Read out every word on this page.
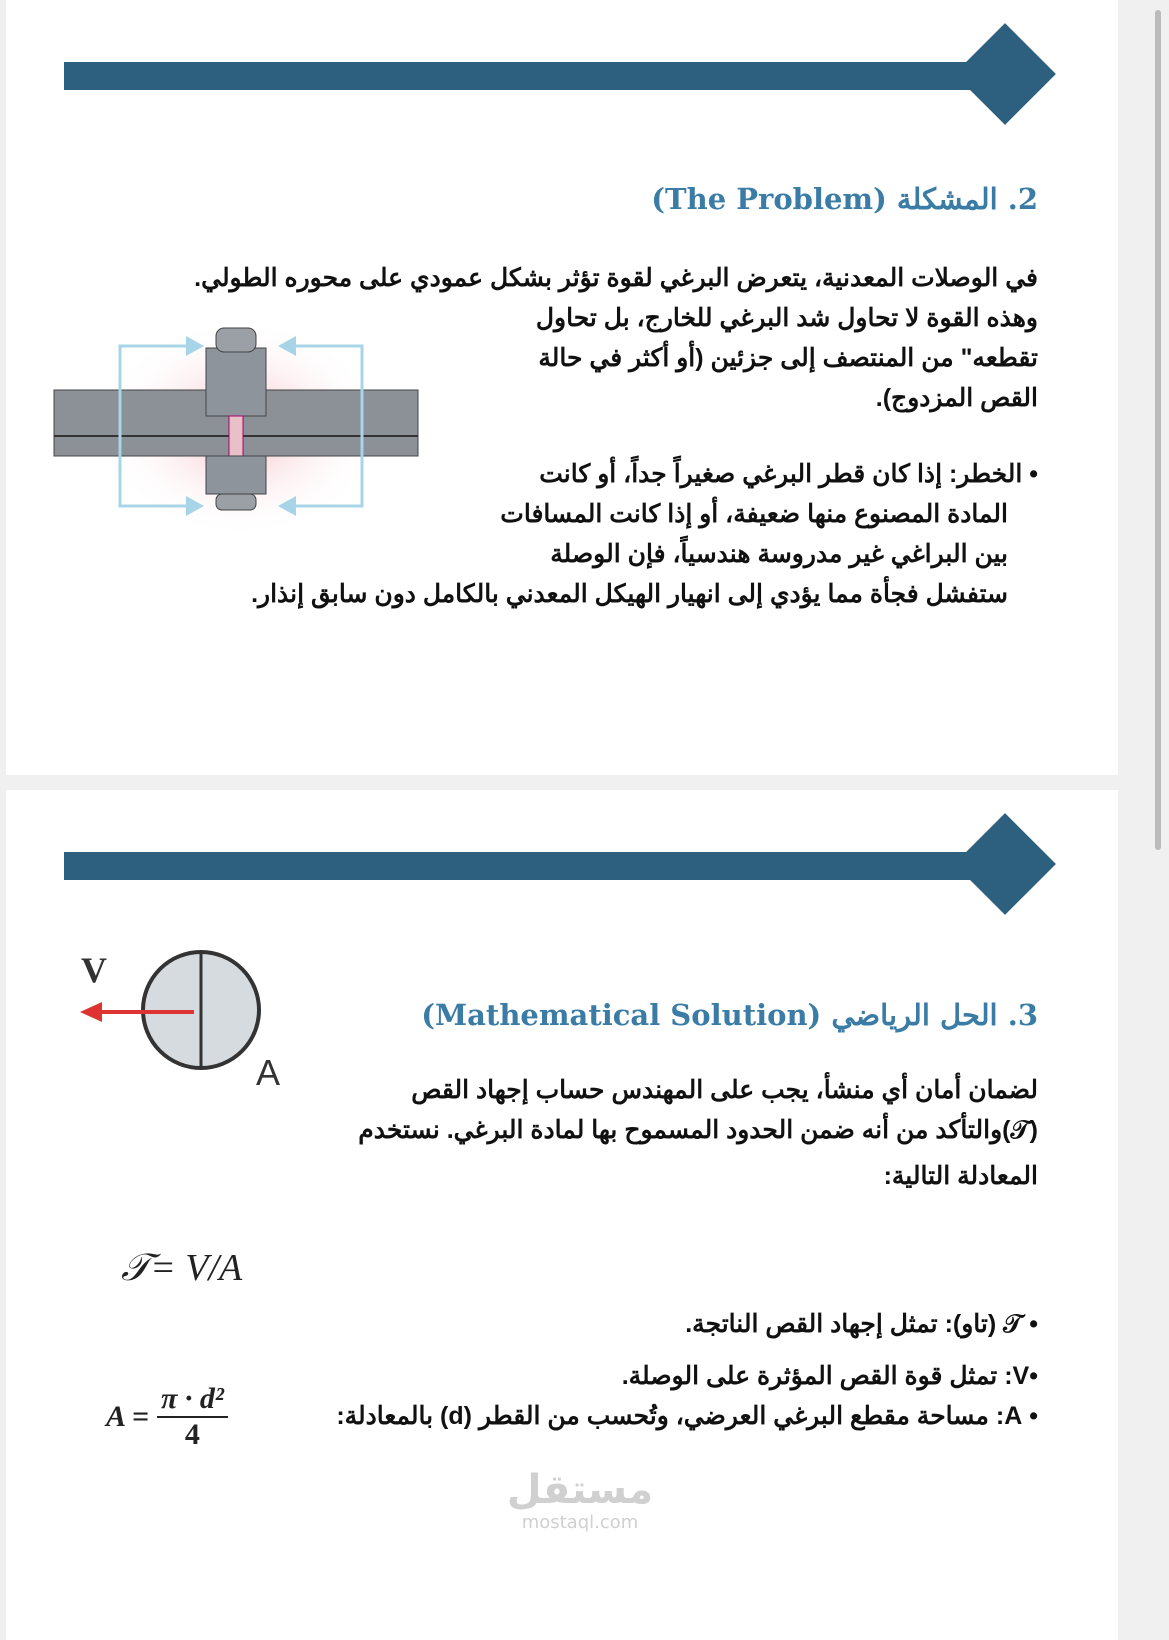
2. المشكلة (The Problem)
في الوصلات المعدنية، يتعرض البرغي لقوة تؤثر بشكل عمودي على محوره الطولي.
وهذه القوة لا تحاول شد البرغي للخارج، بل تحاول
تقطعه" من المنتصف إلى جزئين (أو أكثر في حالة
القص المزدوج).
• الخطر: إذا كان قطر البرغي صغيراً جداً، أو كانت
المادة المصنوع منها ضعيفة، أو إذا كانت المسافات
بين البراغي غير مدروسة هندسياً، فإن الوصلة
ستفشل فجأة مما يؤدي إلى انهيار الهيكل المعدني بالكامل دون سابق إنذار.
V
A
3. الحل الرياضي (Mathematical Solution)
لضمان أمان أي منشأ، يجب على المهندس حساب إجهاد القص
(𝒯)والتأكد من أنه ضمن الحدود المسموح بها لمادة البرغي. نستخدم
المعادلة التالية:
𝒯= V/A
• 𝒯 (تاو): تمثل إجهاد القص الناتجة.
•V: تمثل قوة القص المؤثرة على الوصلة.
• A: مساحة مقطع البرغي العرضي، وتُحسب من القطر (d) بالمعادلة:
$A = \frac{\text{π · d²}}{4}$
مستقل
mostaql.com
